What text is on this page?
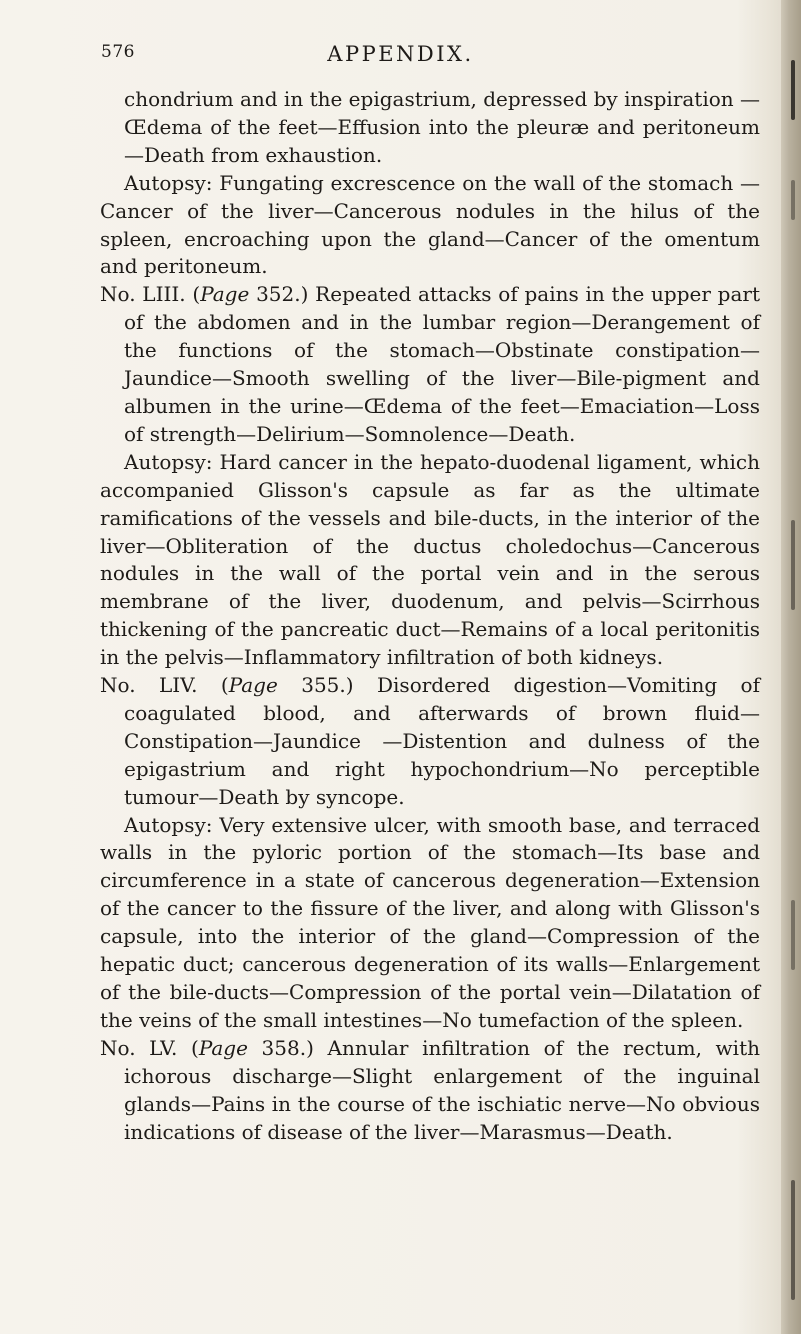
576	APPENDIX.

chondrium and in the epigastrium, depressed by inspiration —Œdema of the feet—Effusion into the pleuræ and peritoneum —Death from exhaustion.

Autopsy: Fungating excrescence on the wall of the stomach —Cancer of the liver—Cancerous nodules in the hilus of the spleen, encroaching upon the gland—Cancer of the omentum and peritoneum.

No. LIII. (Page 352.) Repeated attacks of pains in the upper part of the abdomen and in the lumbar region—Derangement of the functions of the stomach—Obstinate constipation—Jaundice—Smooth swelling of the liver—Bile-pigment and albumen in the urine—Œdema of the feet—Emaciation—Loss of strength—Delirium—Somnolence—Death.

Autopsy: Hard cancer in the hepato-duodenal ligament, which accompanied Glisson's capsule as far as the ultimate ramifications of the vessels and bile-ducts, in the interior of the liver—Obliteration of the ductus choledochus—Cancerous nodules in the wall of the portal vein and in the serous membrane of the liver, duodenum, and pelvis—Scirrhous thickening of the pancreatic duct—Remains of a local peritonitis in the pelvis—Inflammatory infiltration of both kidneys.

No. LIV. (Page 355.) Disordered digestion—Vomiting of coagulated blood, and afterwards of brown fluid—Constipation—Jaundice —Distention and dulness of the epigastrium and right hypochondrium—No perceptible tumour—Death by syncope.

Autopsy: Very extensive ulcer, with smooth base, and terraced walls in the pyloric portion of the stomach—Its base and circumference in a state of cancerous degeneration—Extension of the cancer to the fissure of the liver, and along with Glisson's capsule, into the interior of the gland—Compression of the hepatic duct; cancerous degeneration of its walls—Enlargement of the bile-ducts—Compression of the portal vein—Dilatation of the veins of the small intestines—No tumefaction of the spleen.

No. LV. (Page 358.) Annular infiltration of the rectum, with ichorous discharge—Slight enlargement of the inguinal glands—Pains in the course of the ischiatic nerve—No obvious indications of disease of the liver—Marasmus—Death.
